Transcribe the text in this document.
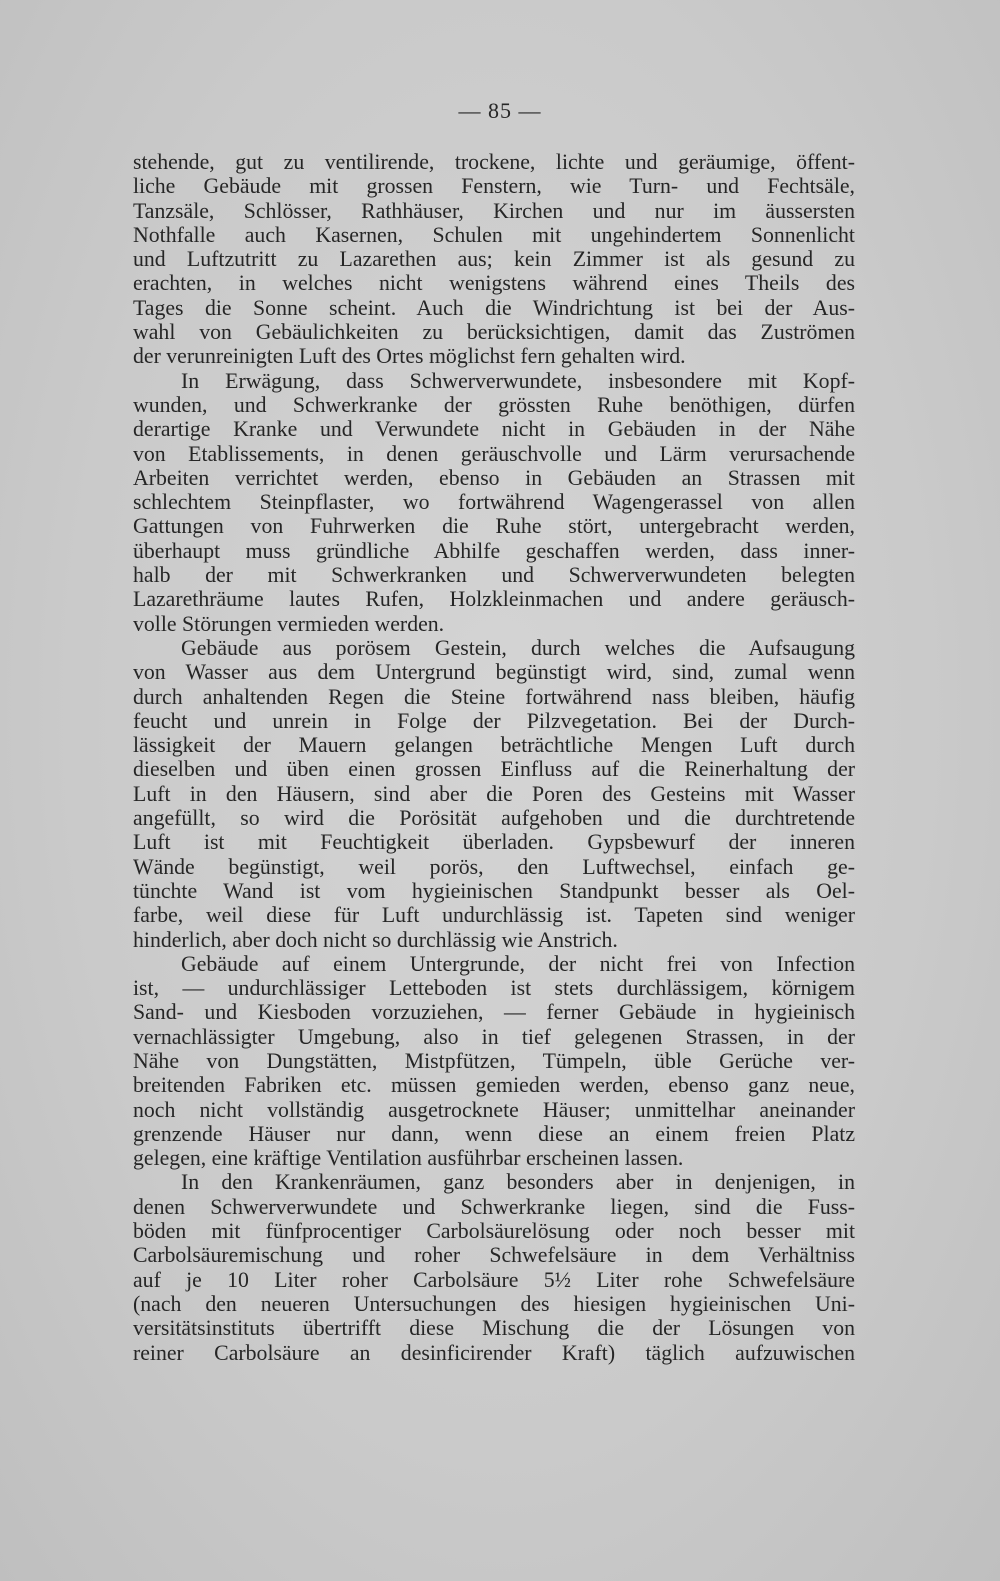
— 85 —
stehende, gut zu ventilirende, trockene, lichte und geräumige, öffent-
liche Gebäude mit grossen Fenstern, wie Turn- und Fechtsäle,
Tanzsäle, Schlösser, Rathhäuser, Kirchen und nur im äussersten
Nothfalle auch Kasernen, Schulen mit ungehindertem Sonnenlicht
und Luftzutritt zu Lazarethen aus; kein Zimmer ist als gesund zu
erachten, in welches nicht wenigstens während eines Theils des
Tages die Sonne scheint. Auch die Windrichtung ist bei der Aus-
wahl von Gebäulichkeiten zu berücksichtigen, damit das Zuströmen
der verunreinigten Luft des Ortes möglichst fern gehalten wird.
In Erwägung, dass Schwerverwundete, insbesondere mit Kopf-
wunden, und Schwerkranke der grössten Ruhe benöthigen, dürfen
derartige Kranke und Verwundete nicht in Gebäuden in der Nähe
von Etablissements, in denen geräuschvolle und Lärm verursachende
Arbeiten verrichtet werden, ebenso in Gebäuden an Strassen mit
schlechtem Steinpflaster, wo fortwährend Wagengerassel von allen
Gattungen von Fuhrwerken die Ruhe stört, untergebracht werden,
überhaupt muss gründliche Abhilfe geschaffen werden, dass inner-
halb der mit Schwerkranken und Schwerverwundeten belegten
Lazarethräume lautes Rufen, Holzkleinmachen und andere geräusch-
volle Störungen vermieden werden.
Gebäude aus porösem Gestein, durch welches die Aufsaugung
von Wasser aus dem Untergrund begünstigt wird, sind, zumal wenn
durch anhaltenden Regen die Steine fortwährend nass bleiben, häufig
feucht und unrein in Folge der Pilzvegetation. Bei der Durch-
lässigkeit der Mauern gelangen beträchtliche Mengen Luft durch
dieselben und üben einen grossen Einfluss auf die Reinerhaltung der
Luft in den Häusern, sind aber die Poren des Gesteins mit Wasser
angefüllt, so wird die Porösität aufgehoben und die durchtretende
Luft ist mit Feuchtigkeit überladen. Gypsbewurf der inneren
Wände begünstigt, weil porös, den Luftwechsel, einfach ge-
tünchte Wand ist vom hygieinischen Standpunkt besser als Oel-
farbe, weil diese für Luft undurchlässig ist. Tapeten sind weniger
hinderlich, aber doch nicht so durchlässig wie Anstrich.
Gebäude auf einem Untergrunde, der nicht frei von Infection
ist, — undurchlässiger Letteboden ist stets durchlässigem, körnigem
Sand- und Kiesboden vorzuziehen, — ferner Gebäude in hygieinisch
vernachlässigter Umgebung, also in tief gelegenen Strassen, in der
Nähe von Dungstätten, Mistpfützen, Tümpeln, üble Gerüche ver-
breitenden Fabriken etc. müssen gemieden werden, ebenso ganz neue,
noch nicht vollständig ausgetrocknete Häuser; unmittelhar aneinander
grenzende Häuser nur dann, wenn diese an einem freien Platz
gelegen, eine kräftige Ventilation ausführbar erscheinen lassen.
In den Krankenräumen, ganz besonders aber in denjenigen, in
denen Schwerverwundete und Schwerkranke liegen, sind die Fuss-
böden mit fünfprocentiger Carbolsäurelösung oder noch besser mit
Carbolsäuremischung und roher Schwefelsäure in dem Verhältniss
auf je 10 Liter roher Carbolsäure 5½ Liter rohe Schwefelsäure
(nach den neueren Untersuchungen des hiesigen hygieinischen Uni-
versitätsinstituts übertrifft diese Mischung die der Lösungen von
reiner Carbolsäure an desinficirender Kraft) täglich aufzuwischen
